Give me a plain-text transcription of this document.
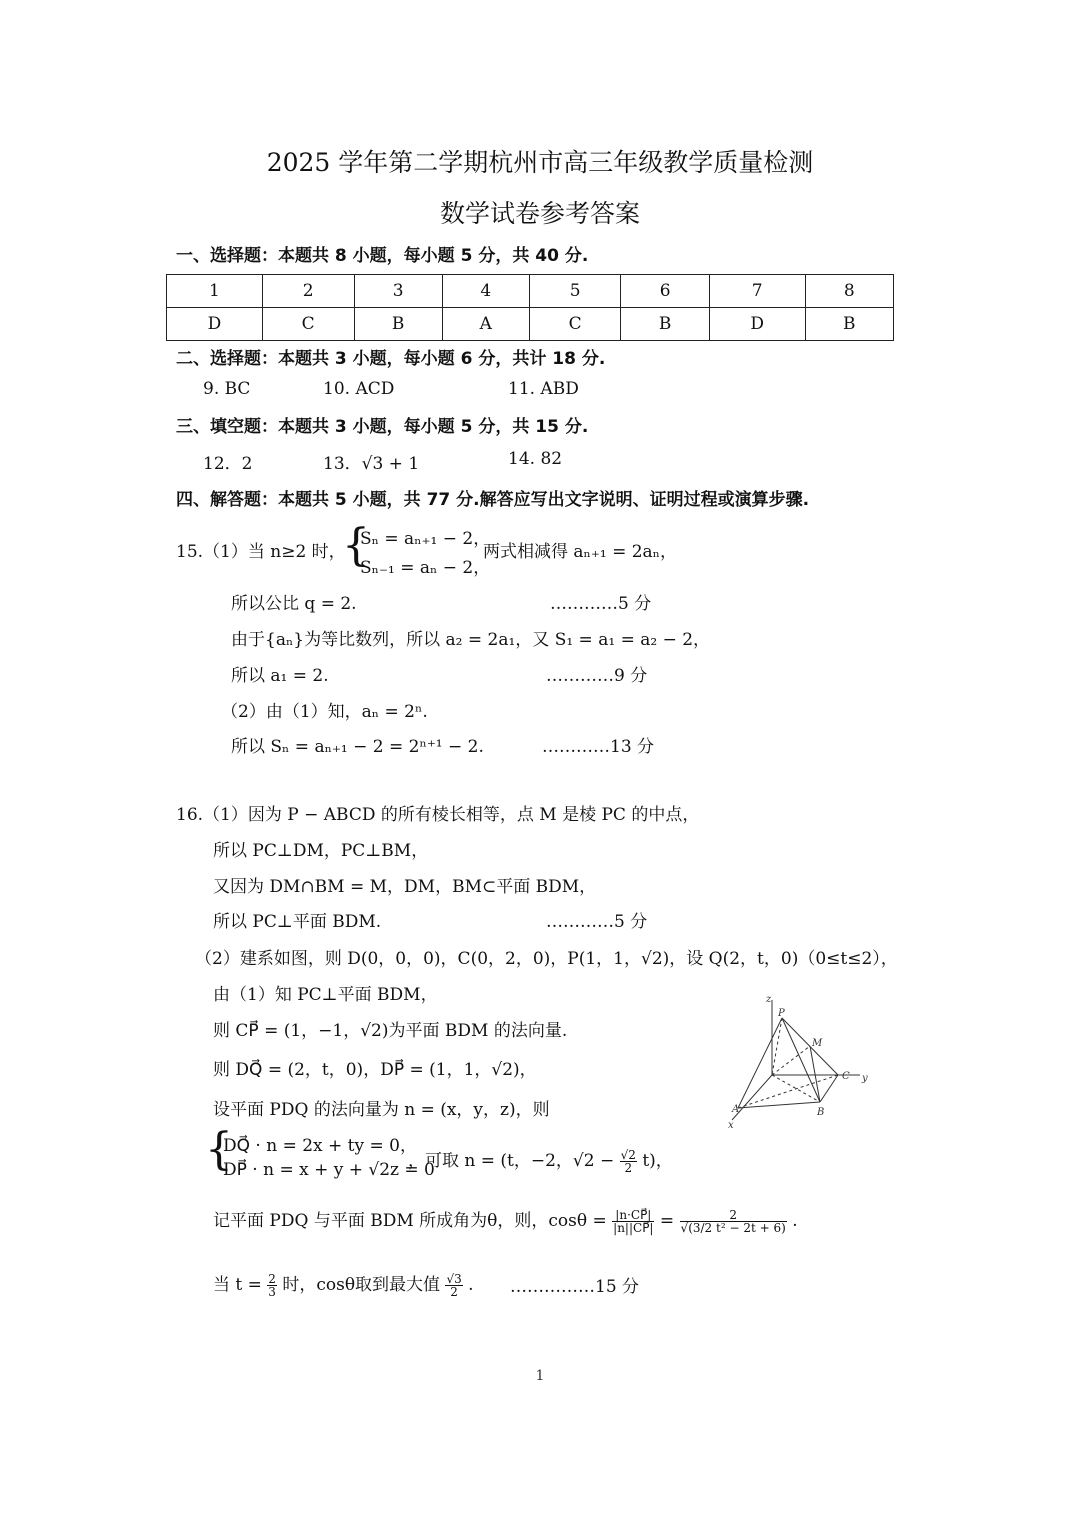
2025 学年第二学期杭州市高三年级教学质量检测
数学试卷参考答案
一、选择题：本题共 8 小题，每小题 5 分，共 40 分.
1	2	3	4	5	6	7	8
D	C	B	A	C	B	D	B
二、选择题：本题共 3 小题，每小题 6 分，共计 18 分.
9. BC	10. ACD	11. ABD
三、填空题：本题共 3 小题，每小题 5 分，共 15 分.
12．2	13．√3 + 1	14. 82
四、解答题：本题共 5 小题，共 77 分.解答应写出文字说明、证明过程或演算步骤.
15.（1）当 n≥2 时，
{
Sₙ = aₙ₊₁ − 2，
Sₙ₋₁ = aₙ − 2，
两式相减得 aₙ₊₁ = 2aₙ，
所以公比 q = 2.	…………5 分
由于{aₙ}为等比数列，所以 a₂ = 2a₁，又 S₁ = a₁ = a₂ − 2，
所以 a₁ = 2.	…………9 分
（2）由（1）知，aₙ = 2ⁿ.
所以 Sₙ = aₙ₊₁ − 2 = 2ⁿ⁺¹ − 2.	…………13 分
16.（1）因为 P − ABCD 的所有棱长相等，点 M 是棱 PC 的中点，
所以 PC⊥DM，PC⊥BM，
又因为 DM∩BM = M，DM，BM⊂平面 BDM，
所以 PC⊥平面 BDM.	…………5 分
（2）建系如图，则 D(0，0，0)，C(0，2，0)，P(1，1，√2)，设 Q(2，t，0)（0≤t≤2），
由（1）知 PC⊥平面 BDM，
则 CP⃗ = (1，−1，√2)为平面 BDM 的法向量.
则 DQ⃗ = (2，t，0)，DP⃗ = (1，1，√2)，
设平面 PDQ 的法向量为 n = (x，y，z)，则
{
DQ⃗ · n = 2x + ty = 0，
DP⃗ · n = x + y + √2z = 0
，可取 n = (t，−2，$√2 - \frac{√2}{2} t$)，
记平面 PDQ 与平面 BDM 所成角为θ，则，$\cos\theta = \frac{|n\cdot CP⃗|}{|n||CP⃗|} = \frac{2}{\text{√(3/2 t² − 2t + 6)}}$ .
当 $t = \frac{2}{3}$ 时，cosθ取到最大值 $\frac{√3}{2}$ . ……………15 分
z
P
M
C y
B
A
x
1
